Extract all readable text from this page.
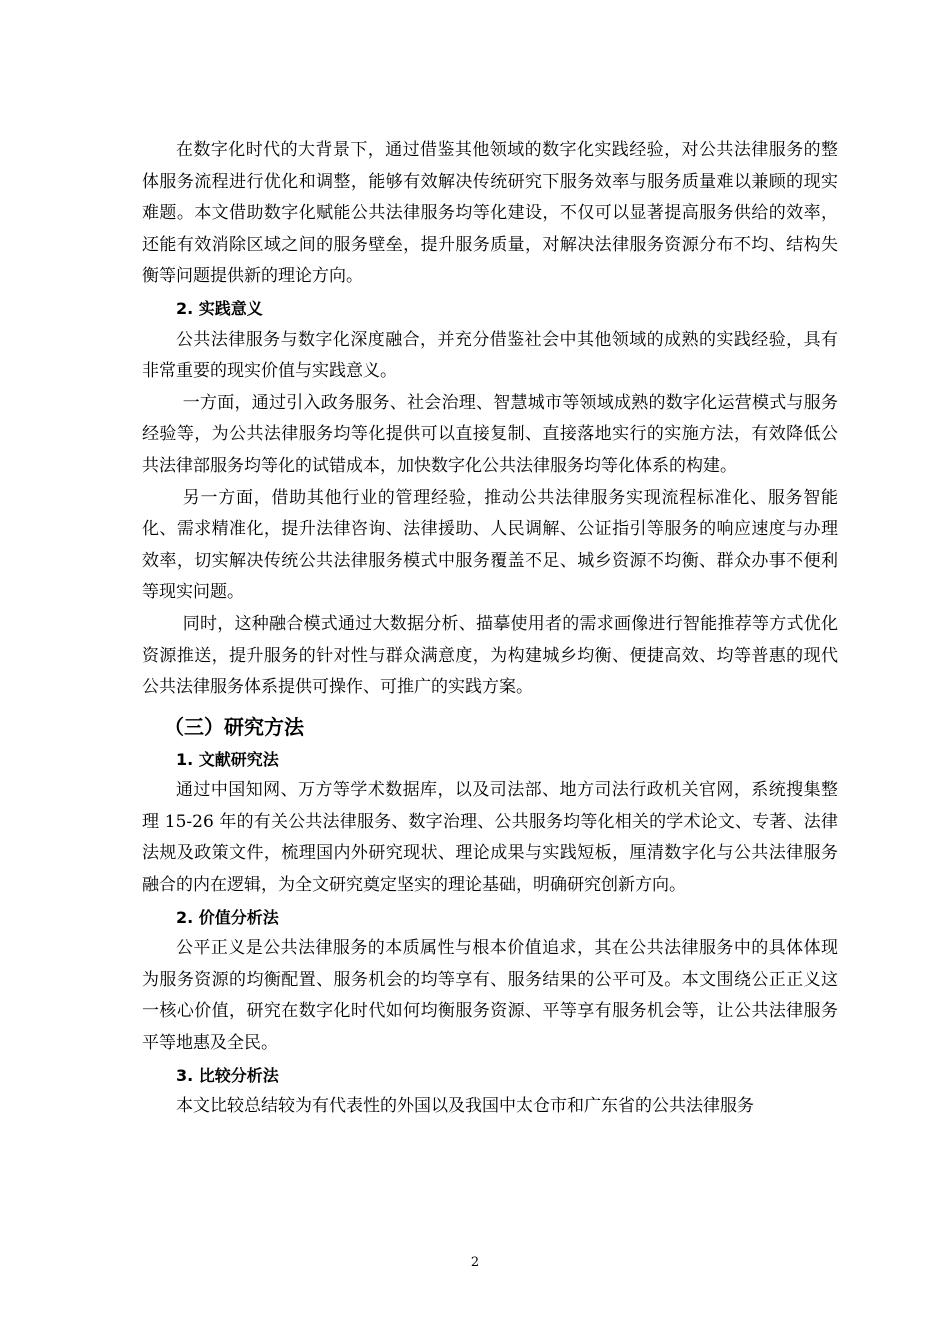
在数字化时代的大背景下，通过借鉴其他领域的数字化实践经验，对公共法律服务的整体服务流程进行优化和调整，能够有效解决传统研究下服务效率与服务质量难以兼顾的现实难题。本文借助数字化赋能公共法律服务均等化建设，不仅可以显著提高服务供给的效率，还能有效消除区域之间的服务壁垒，提升服务质量，对解决法律服务资源分布不均、结构失衡等问题提供新的理论方向。

2. 实践意义

公共法律服务与数字化深度融合，并充分借鉴社会中其他领域的成熟的实践经验，具有非常重要的现实价值与实践意义。

一方面，通过引入政务服务、社会治理、智慧城市等领域成熟的数字化运营模式与服务经验等，为公共法律服务均等化提供可以直接复制、直接落地实行的实施方法，有效降低公共法律部服务均等化的试错成本，加快数字化公共法律服务均等化体系的构建。

另一方面，借助其他行业的管理经验，推动公共法律服务实现流程标准化、服务智能化、需求精准化，提升法律咨询、法律援助、人民调解、公证指引等服务的响应速度与办理效率，切实解决传统公共法律服务模式中服务覆盖不足、城乡资源不均衡、群众办事不便利等现实问题。

同时，这种融合模式通过大数据分析、描摹使用者的需求画像进行智能推荐等方式优化资源推送，提升服务的针对性与群众满意度，为构建城乡均衡、便捷高效、均等普惠的现代公共法律服务体系提供可操作、可推广的实践方案。

（三）研究方法

1. 文献研究法

通过中国知网、万方等学术数据库，以及司法部、地方司法行政机关官网，系统搜集整理 15-26 年的有关公共法律服务、数字治理、公共服务均等化相关的学术论文、专著、法律法规及政策文件，梳理国内外研究现状、理论成果与实践短板，厘清数字化与公共法律服务融合的内在逻辑，为全文研究奠定坚实的理论基础，明确研究创新方向。

2. 价值分析法

公平正义是公共法律服务的本质属性与根本价值追求，其在公共法律服务中的具体体现为服务资源的均衡配置、服务机会的均等享有、服务结果的公平可及。本文围绕公正正义这一核心价值，研究在数字化时代如何均衡服务资源、平等享有服务机会等，让公共法律服务平等地惠及全民。

3. 比较分析法

本文比较总结较为有代表性的外国以及我国中太仓市和广东省的公共法律服务

2
